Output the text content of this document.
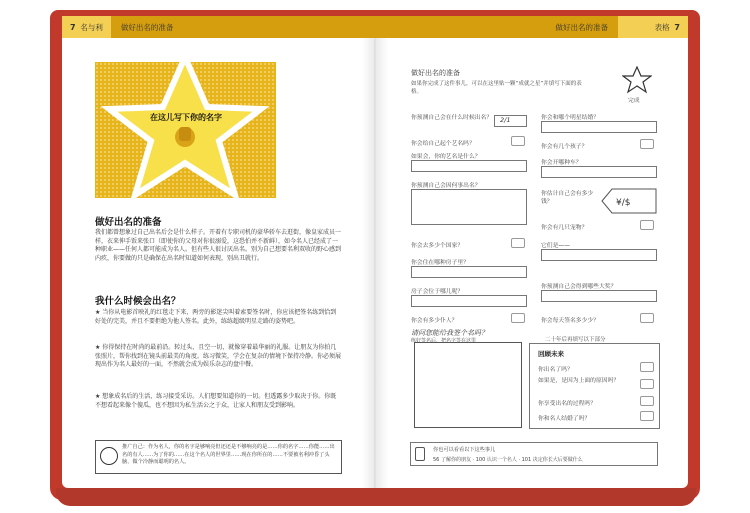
7
名与利 做好出名的准备	做好出名的准备	表格
7
在这儿写下你的名字
做好出名的准备
我们都曾想象过自己出名后会是什么样子。开着有专职司机的豪华轿车去逛街，像皇家成员一样，衣来伸手饭来张口（即使你的父母对你很溺爱，这恐怕并不新鲜），如今名人已经成了一种职业——任何人都可能成为名人。但有些人很讨厌出名。别为自己想要名利双收的野心感到内疚，你要做的只是确保在出名时知道如何表现，别出丑就行。
我什么时候会出名？
★ 当你从电影首映礼的红毯走下来，两旁的影迷尖叫着索要签名时，你应该把签名练到恰到好处的完美，并且不要拒绝为他人签名。此外，练练超级明星走路的姿势吧。
★ 你得保持在时尚的最前沿。转过头，且空一切，就像穿着最华丽的礼服。让朋友为你拍几张照片，帮你找到在镜头前最美的角度。练习微笑，学会在复杂的情境下保持冷静。你必须展现出作为名人最好的一面，不然就会成为娱乐杂志的盘中餐。
★ 想象成名后的生活，练习接受采访。人们想要知道你的一切。但透露多少取决于你。你既不想看起来像个傻瓜，也不想因为私生活公之于众，让家人和朋友受到影响。
推广自己：作为名人，你的名字是够响亮但还还是不够响亮的是……你的名字……你能……出名的有人……为了你的……在这个名人的世界里……现在你所在的……不要被名利冲昏了头脑，做个冷静而聪明的名人。
做好出名的准备
如果你完成了这件事儿，可以在这里贴一颗“成就之星”并填写下面的表格。
完成
你预测自己会在什么时候出名？ 2/1
你会给自己起个艺名吗？
如果会，你的艺名是什么？
你预测自己会因何事出名？
你会去多少个国家？
你会住在哪种房子里？
房子会位于哪儿呢？
你会有多少仆人？
你会和哪个明星结婚？
你会有几个孩子？
你会开哪种车？
你估计自己会有多少钱？	¥/$
你会有几只宠物？
它们是——
你预测自己会得到哪些大奖？
你会每天签名多少少？
请问您能给我签个名吗？
练好签名后，把名字签在这里	二十年后再填写以下部分
回顾未来
你出名了吗？
如果是，是因为上面的原因吗？
你享受出名的过程吗？
你和名人结婚了吗？
你也可以看看以下这些事儿
56 了解你的朋友 · 100 认识一个名人 · 101 决定你长大后要做什么
